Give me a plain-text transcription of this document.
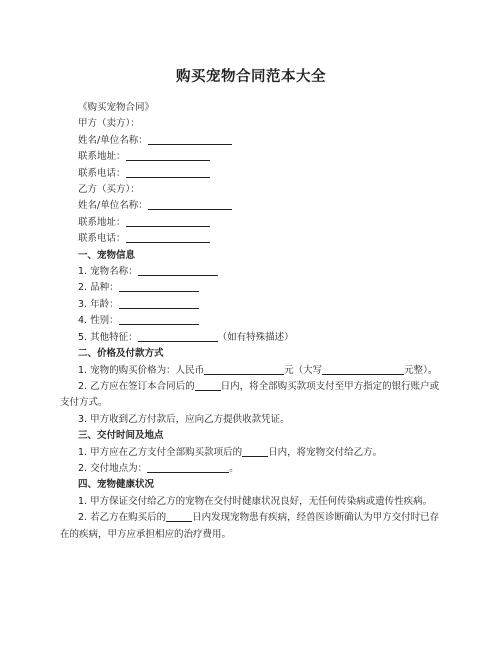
购买宠物合同范本大全
《购买宠物合同》
甲方（卖方）：
姓名/单位名称：
联系地址：
联系电话：
乙方（买方）：
姓名/单位名称：
联系地址：
联系电话：
一、宠物信息
1. 宠物名称：
2. 品种：
3. 年龄：
4. 性别：
5. 其他特征：	（如有特殊描述）
二、价格及付款方式
1. 宠物的购买价格为：人民币	元（大写	元整）。
2. 乙方应在签订本合同后的	日内，将全部购买款项支付至甲方指定的银行账户或支付方式。
3. 甲方收到乙方付款后，应向乙方提供收款凭证。
三、交付时间及地点
1. 甲方应在乙方支付全部购买款项后的	日内，将宠物交付给乙方。
2. 交付地点为：	。
四、宠物健康状况
1. 甲方保证交付给乙方的宠物在交付时健康状况良好，无任何传染病或遗传性疾病。
2. 若乙方在购买后的	日内发现宠物患有疾病，经兽医诊断确认为甲方交付时已存在的疾病，甲方应承担相应的治疗费用。
